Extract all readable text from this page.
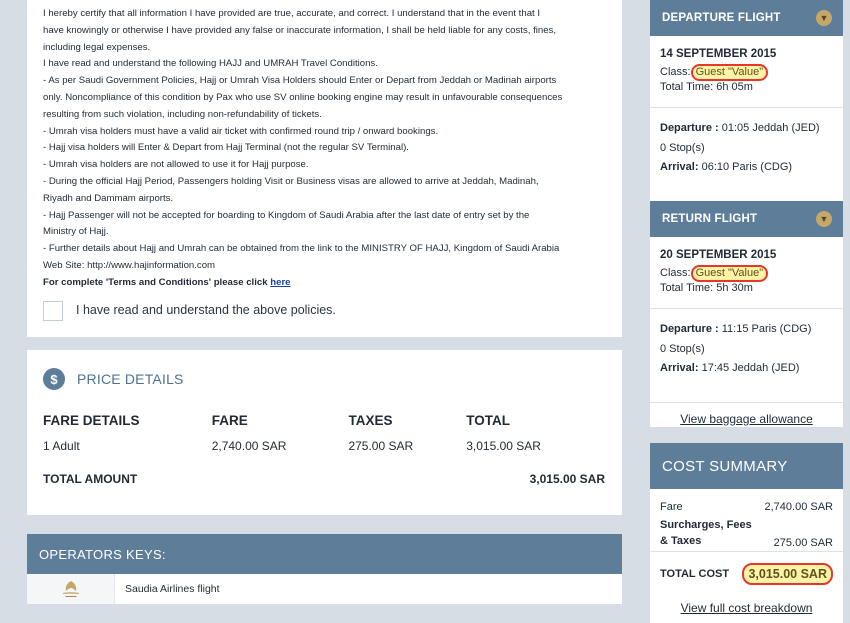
I hereby certify that all information I have provided are true, accurate, and correct. I understand that in the event that I

have knowingly or otherwise I have provided any false or inaccurate information, I shall be held liable for any costs, fines,

including legal expenses.

I have read and understand the following HAJJ and UMRAH Travel Conditions.

- As per Saudi Government Policies, Hajj or Umrah Visa Holders should Enter or Depart from Jeddah or Madinah airports

only. Noncompliance of this condition by Pax who use SV online booking engine may result in unfavourable consequences

resulting from such violation, including non-refundability of tickets.

- Umrah visa holders must have a valid air ticket with confirmed round trip / onward bookings.

- Hajj visa holders will Enter & Depart from Hajj Terminal (not the regular SV Terminal).

- Umrah visa holders are not allowed to use it for Hajj purpose.

- During the official Hajj Period, Passengers holding Visit or Business visas are allowed to arrive at Jeddah, Madinah,

Riyadh and Dammam airports.

- Hajj Passenger will not be accepted for boarding to Kingdom of Saudi Arabia after the last date of entry set by the

Ministry of Hajj.

- Further details about Hajj and Umrah can be obtained from the link to the MINISTRY OF HAJJ, Kingdom of Saudi Arabia

Web Site: http://www.hajinformation.com

For complete 'Terms and Conditions' please click here

I have read and understand the above policies.
$	PRICE DETAILS
FARE DETAILS	FARE	TAXES	TOTAL
1 Adult	2,740.00 SAR	275.00 SAR	3,015.00 SAR
TOTAL AMOUNT	3,015.00 SAR
OPERATORS KEYS:
Saudia Airlines flight
DEPARTURE FLIGHT	▼
14 SEPTEMBER 2015
Class: Guest "Value"
Total Time: 6h 05m
Departure : 01:05 Jeddah (JED)
0 Stop(s)
Arrival: 06:10 Paris (CDG)
RETURN FLIGHT	▼
20 SEPTEMBER 2015
Class: Guest "Value"
Total Time: 5h 30m
Departure : 11:15 Paris (CDG)
0 Stop(s)
Arrival: 17:45 Jeddah (JED)
View baggage allowance
COST SUMMARY
Fare	2,740.00 SAR
Surcharges, Fees
& Taxes	275.00 SAR
TOTAL COST	3,015.00 SAR
View full cost breakdown
